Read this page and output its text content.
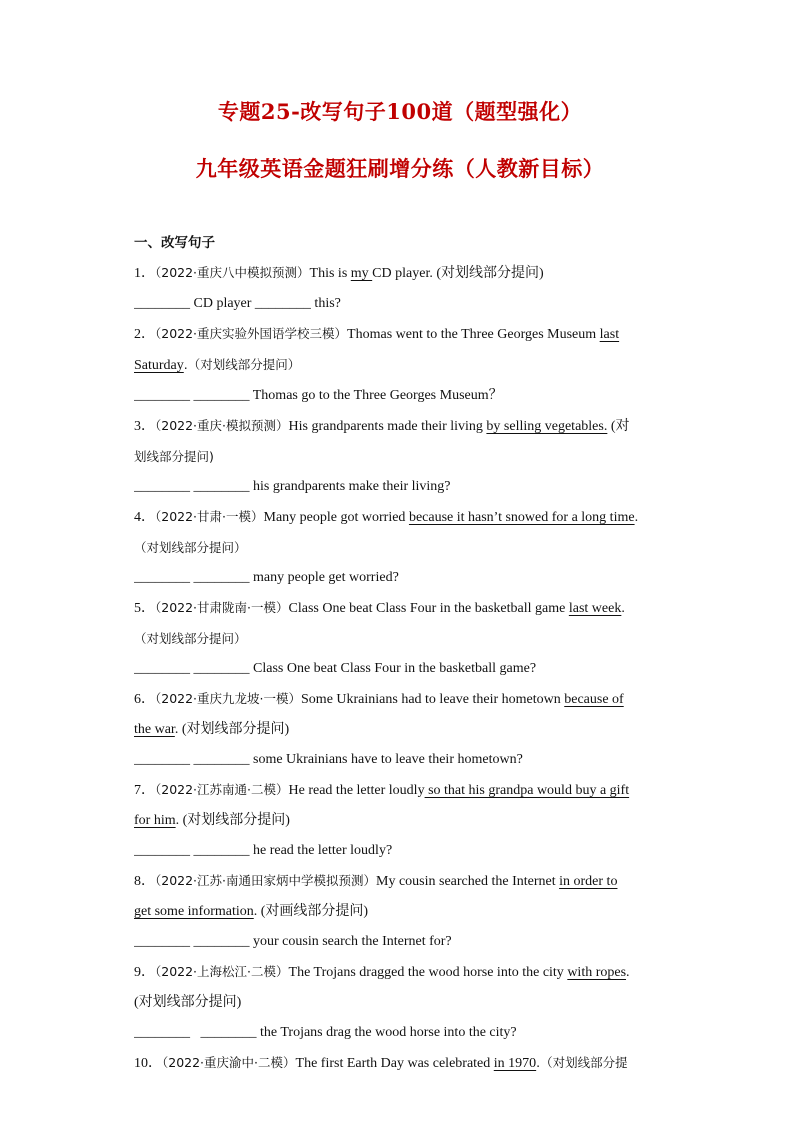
专题25-改写句子100道（题型强化）
九年级英语金题狂刷增分练（人教新目标）
一、改写句子
1．（2022·重庆八中模拟预测）This is my CD player. (对划线部分提问)
________ CD player ________ this?
2．（2022·重庆实验外国语学校三模）Thomas went to the Three Georges Museum last
Saturday.（对划线部分提问）
________ ________ Thomas go to the Three Georges Museum？
3．（2022·重庆·模拟预测）His grandparents made their living by selling vegetables. (对
划线部分提问)
________ ________ his grandparents make their living?
4．（2022·甘肃·一模）Many people got worried because it hasn’t snowed for a long time.
（对划线部分提问）
________ ________ many people get worried?
5．（2022·甘肃陇南·一模）Class One beat Class Four in the basketball game last week.
（对划线部分提问）
________ ________ Class One beat Class Four in the basketball game?
6．（2022·重庆九龙坡·一模）Some Ukrainians had to leave their hometown because of
the war. (对划线部分提问)
________ ________ some Ukrainians have to leave their hometown?
7．（2022·江苏南通·二模）He read the letter loudly so that his grandpa would buy a gift
for him. (对划线部分提问)
________ ________ he read the letter loudly?
8．（2022·江苏·南通田家炳中学模拟预测）My cousin searched the Internet in order to
get some information. (对画线部分提问)
________ ________ your cousin search the Internet for?
9．（2022·上海松江·二模）The Trojans dragged the wood horse into the city with ropes.
(对划线部分提问)
________   ________ the Trojans drag the wood horse into the city?
10．（2022·重庆渝中·二模）The first Earth Day was celebrated in 1970.（对划线部分提
